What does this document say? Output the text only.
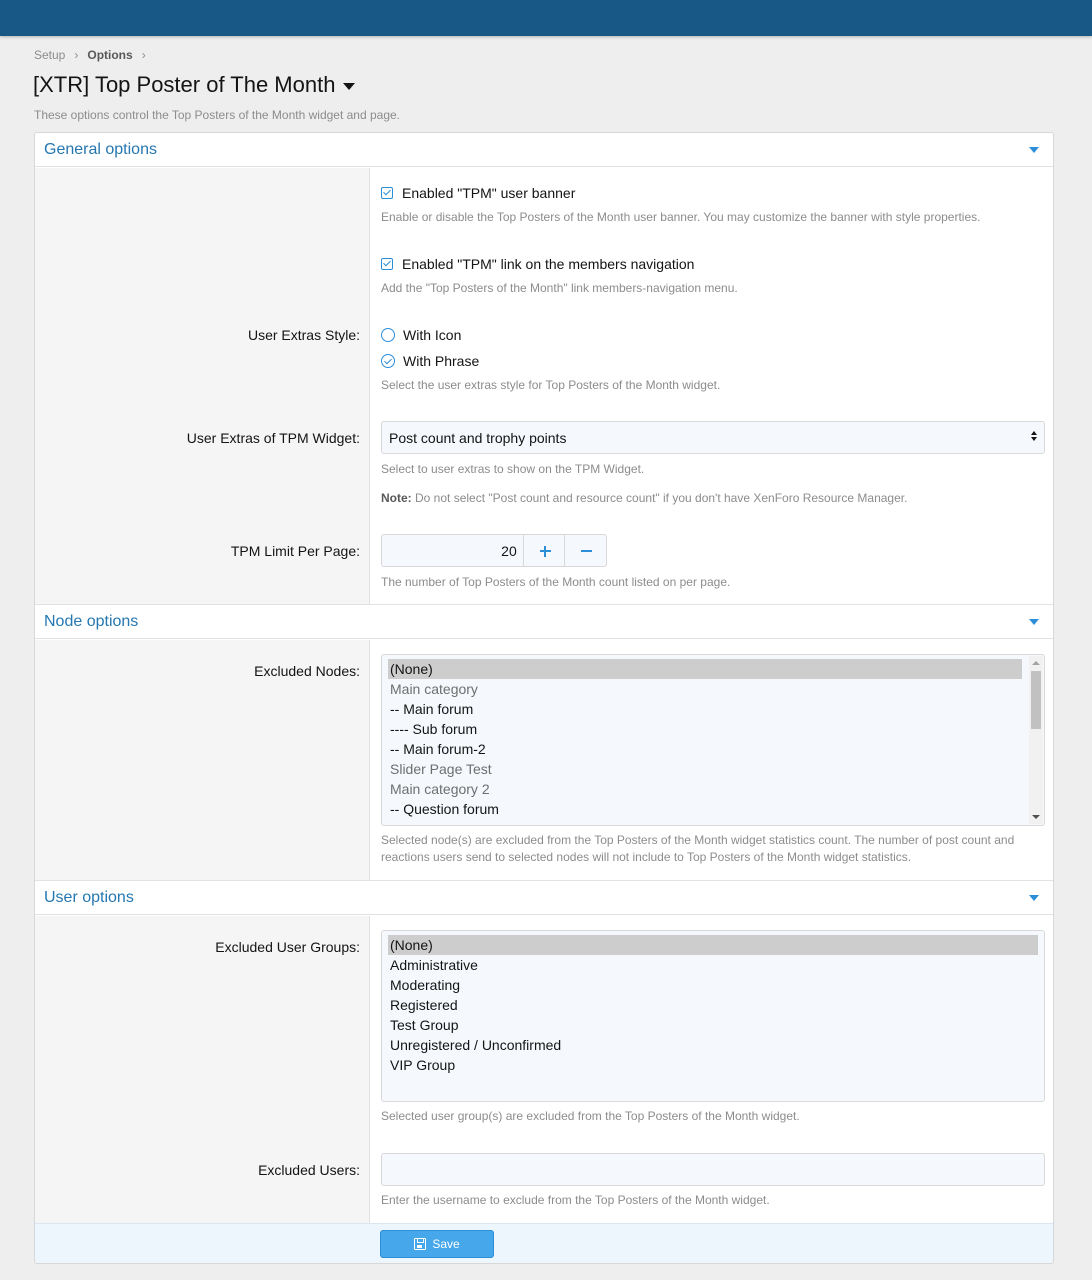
Setup › Options ›
[XTR] Top Poster of The Month
These options control the Top Posters of the Month widget and page.
General options
Enabled "TPM" user banner
Enable or disable the Top Posters of the Month user banner. You may customize the banner with style properties.
Enabled "TPM" link on the members navigation
Add the "Top Posters of the Month" link members-navigation menu.
User Extras Style:	With Icon
With Phrase
Select the user extras style for Top Posters of the Month widget.
User Extras of TPM Widget:	Post count and trophy points
Select to user extras to show on the TPM Widget.
Note: Do not select "Post count and resource count" if you don't have XenForo Resource Manager.
TPM Limit Per Page:	20
The number of Top Posters of the Month count listed on per page.
Node options
Excluded Nodes: (None)
Main category
-- Main forum
---- Sub forum
-- Main forum-2
Slider Page Test
Main category 2
-- Question forum
Selected node(s) are excluded from the Top Posters of the Month widget statistics count. The number of post count and reactions users send to selected nodes will not include to Top Posters of the Month widget statistics.
User options
Excluded User Groups: (None)
Administrative
Moderating
Registered
Test Group
Unregistered / Unconfirmed
VIP Group
Selected user group(s) are excluded from the Top Posters of the Month widget.
Excluded Users:
Enter the username to exclude from the Top Posters of the Month widget.
Save
